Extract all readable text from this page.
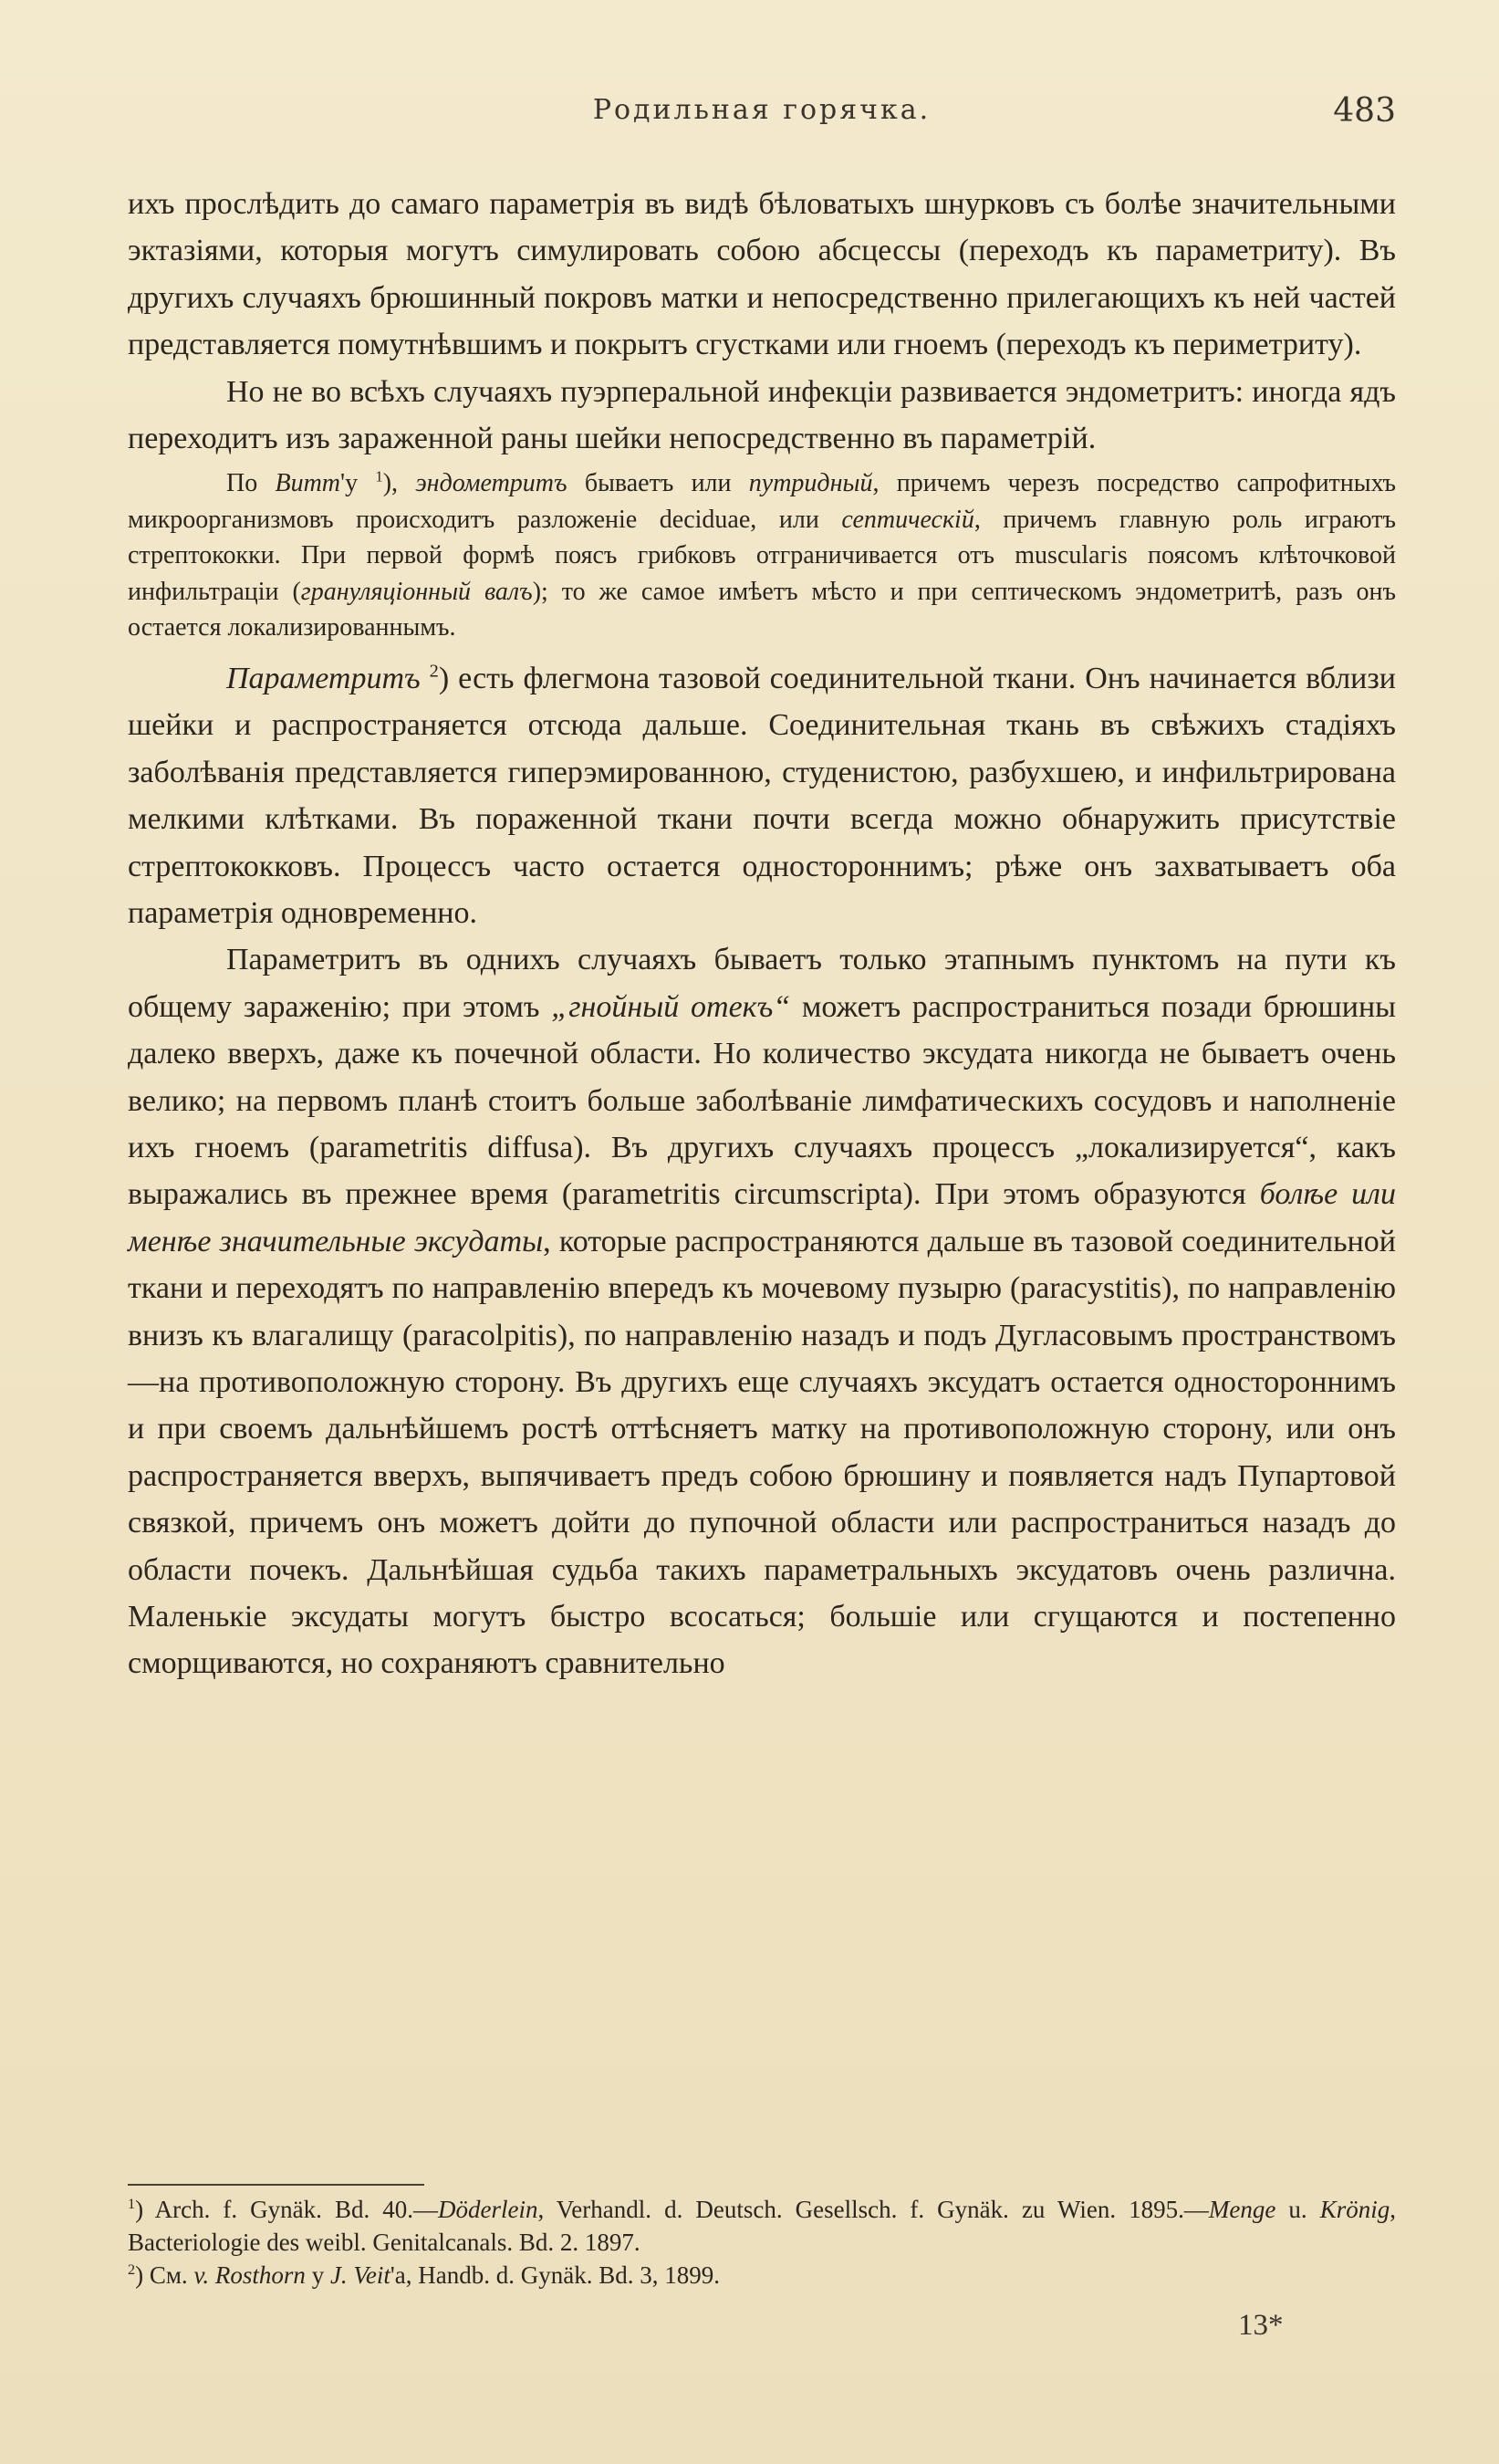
Родильная горячка.	483

ихъ прослѣдить до самаго параметрія въ видѣ бѣловатыхъ шнурковъ съ болѣе значительными эктазіями, которыя могутъ симулировать собою абсцессы (переходъ къ параметриту). Въ другихъ случаяхъ брюшинный покровъ матки и непосредственно прилегающихъ къ ней частей представляется помутнѣвшимъ и покрытъ сгустками или гноемъ (переходъ къ периметриту).

Но не во всѣхъ случаяхъ пуэрперальной инфекціи развивается эндометритъ: иногда ядъ переходитъ изъ зараженной раны шейки непосредственно въ параметрій.

По Витт'у $^1$), эндометритъ бываетъ или путридный, причемъ черезъ посредство сапрофитныхъ микроорганизмовъ происходитъ разложеніе deciduae, или септическій, причемъ главную роль играютъ стрептококки. При первой формѣ поясъ грибковъ отграничивается отъ musculaгis поясомъ клѣточковой инфильтраціи (грануляціонный валъ); то же самое имѣетъ мѣсто и при септическомъ эндометритѣ, разъ онъ остается локализированнымъ.

Параметритъ $^2$) есть флегмона тазовой соединительной ткани. Онъ начинается вблизи шейки и распространяется отсюда дальше. Соединительная ткань въ свѣжихъ стадіяхъ заболѣванія представляется гиперэмированною, студенистою, разбухшею, и инфильтрирована мелкими клѣтками. Въ пораженной ткани почти всегда можно обнаружить присутствіе стрептококковъ. Процессъ часто остается одностороннимъ; рѣже онъ захватываетъ оба параметрія одновременно.

Параметритъ въ однихъ случаяхъ бываетъ только этапнымъ пунктомъ на пути къ общему зараженію; при этомъ „гнойный отекъ“ можетъ распространиться позади брюшины далеко вверхъ, даже къ почечной области. Но количество эксудата никогда не бываетъ очень велико; на первомъ планѣ стоитъ больше заболѣваніе лимфатическихъ сосудовъ и наполненіе ихъ гноемъ (parametritis diffusa). Въ другихъ случаяхъ процессъ „локализируется“, какъ выражались въ прежнее время (parametritis circumscripta). При этомъ образуются болѣе или менѣе значительные эксудаты, которые распространяются дальше въ тазовой соединительной ткани и переходятъ по направленію впередъ къ мочевому пузырю (paracystitis), по направленію внизъ къ влагалищу (paracolpitis), по направленію назадъ и подъ Дугласовымъ пространствомъ—на противоположную сторону. Въ другихъ еще случаяхъ эксудатъ остается одностороннимъ и при своемъ дальнѣйшемъ ростѣ оттѣсняетъ матку на противоположную сторону, или онъ распространяется вверхъ, выпячиваетъ предъ собою брюшину и появляется надъ Пупартовой связкой, причемъ онъ можетъ дойти до пупочной области или распространиться назадъ до области почекъ. Дальнѣйшая судьба такихъ параметральныхъ эксудатовъ очень различна. Маленькіе эксудаты могутъ быстро всосаться; большіе или сгущаются и постепенно сморщиваются, но сохраняютъ сравнительно

$^1$) Arch. f. Gynäk. Bd. 40.—Döderlein, Verhandl. d. Deutsch. Gesellsch. f. Gynäk. zu Wien. 1895.—Menge u. Krönig, Bacteriologie des weibl. Genitalcanals. Bd. 2. 1897.

$^2$) См. v. Rosthorn у J. Veit'а, Handb. d. Gynäk. Bd. 3, 1899.

13*
